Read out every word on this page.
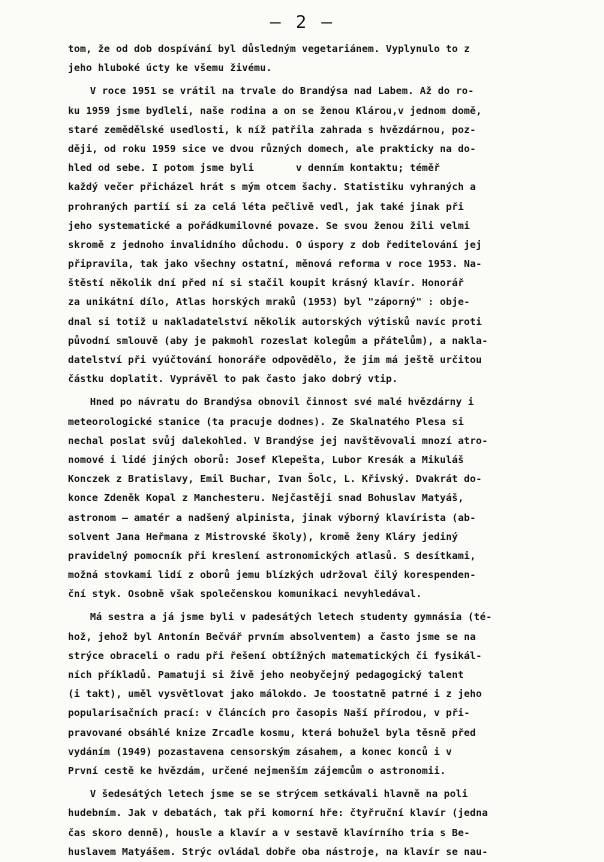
– 2 –
tom, že od dob dospívání byl důsledným vegetariánem. Vyplynulo to z
jeho hluboké úcty ke všemu živému.
V roce 1951 se vrátil na trvale do Brandýsa nad Labem. Až do ro-
ku 1959 jsme bydleli, naše rodina a on se ženou Klárou,v jednom domě,
staré zemědělské usedlosti, k níž patřila zahrada s hvězdárnou, poz-
ději, od roku 1959 sice ve dvou různých domech, ale prakticky na do-
hled od sebe. I potom jsme byli       v denním kontaktu; téměř
každý večer přicházel hrát s mým otcem šachy. Statistiku vyhraných a
prohraných partií si za celá léta pečlivě vedl, jak také jinak při
jeho systematické a pořádkumilovné povaze. Se svou ženou žili velmi
skromě z jednoho invalidního důchodu. O úspory z dob ředitelování jej
připravila, tak jako všechny ostatní, měnová reforma v roce 1953. Na-
štěstí několik dní před ní si stačil koupit krásný klavír. Honorář
za unikátní dílo, Atlas horských mraků (1953) byl "záporný" : obje-
dnal si totiž u nakladatelství několik autorských výtisků navíc proti
původní smlouvě (aby je pakmohl rozeslat kolegům a přátelům), a nakla-
datelství při vyúčtování honoráře odpovědělo, že jim má ještě určitou
částku doplatit. Vyprávěl to pak často jako dobrý vtip.
Hned po návratu do Brandýsa obnovil činnost své malé hvězdárny i
meteorologické stanice (ta pracuje dodnes). Ze Skalnatého Plesa si
nechal poslat svůj dalekohled. V Brandýse jej navštěvovali mnozí atro-
nomové i lidé jiných oborů: Josef Klepešta, Lubor Kresák a Mikuláš
Konczek z Bratislavy, Emil Buchar, Ivan Šolc, L. Křivský. Dvakrát do-
konce Zdeněk Kopal z Manchesteru. Nejčastěji snad Bohuslav Matyáš,
astronom – amatér a nadšený alpinista, jinak výborný klavírista (ab-
solvent Jana Heřmana z Mistrovské školy), kromě ženy Kláry jediný
pravidelný pomocník při kreslení astronomických atlasů. S desítkami,
možná stovkami lidí z oborů jemu blízkých udržoval čilý korespenden-
ční styk. Osobně však společenskou komunikaci nevyhledával.
Má sestra a já jsme byli v padesátých letech studenty gymnásia (té-
hož, jehož byl Antonín Bečvář prvním absolventem) a často jsme se na
strýce obraceli o radu při řešení obtížných matematických či fysikál-
ních příkladů. Pamatuji si živě jeho neobyčejný pedagogický talent
(i takt), uměl vysvětlovat jako málokdo. Je toostatně patrné i z jeho
popularisačních prací: v článcích pro časopis Naší přírodou, v při-
pravované obsáhlé knize Zrcadle kosmu, která bohužel byla těsně před
vydáním (1949) pozastavena censorským zásahem, a konec konců i v
První cestě ke hvězdám, určené nejmenším zájemcům o astronomii.
V šedesátých letech jsme se se strýcem setkávali hlavně na poli
hudebním. Jak v debatách, tak při komorní hře: čtyřruční klavír (jedna
čas skoro denně), housle a klavír a v sestavě klavírního tria s Be-
huslavem Matyášem. Strýc ovládal dobře oba nástroje, na klavír se nau-
